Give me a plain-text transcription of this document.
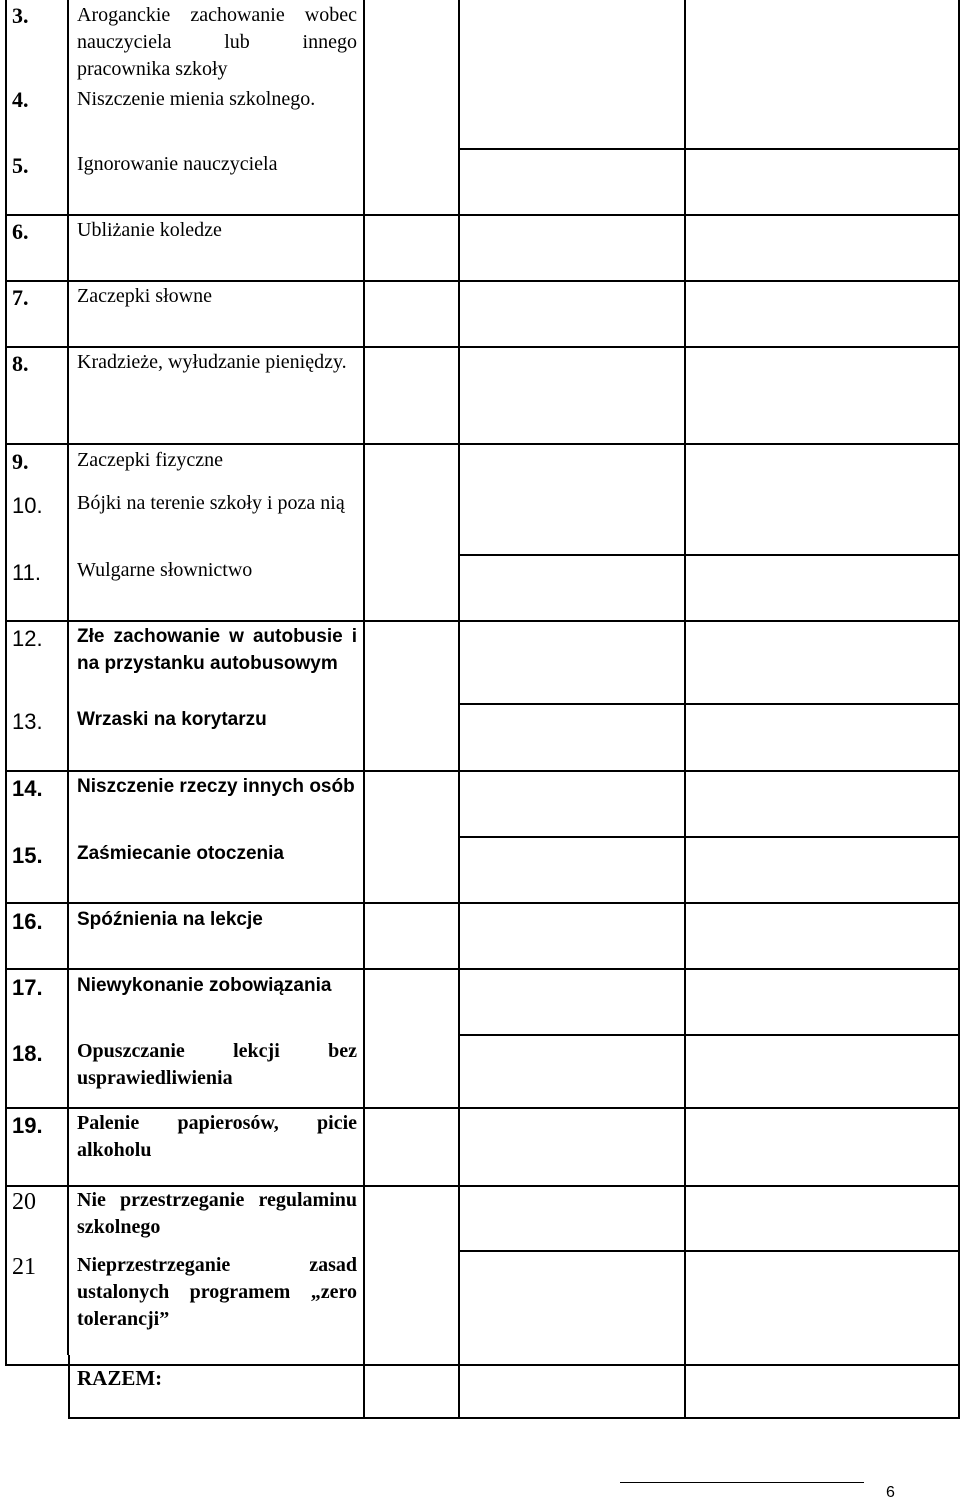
3. Aroganckie zachowanie wobec nauczyciela lub innego pracownika szkoły
4. Niszczenie mienia szkolnego.
5. Ignorowanie nauczyciela
6. Ubliżanie koledze
7. Zaczepki słowne
8. Kradzieże, wyłudzanie pieniędzy.
9. Zaczepki fizyczne
10. Bójki na terenie szkoły i poza nią
11. Wulgarne słownictwo
12. Złe zachowanie w autobusie i na przystanku autobusowym
13. Wrzaski na korytarzu
14. Niszczenie rzeczy innych osób
15. Zaśmiecanie otoczenia
16. Spóźnienia na lekcje
17. Niewykonanie zobowiązania
18. Opuszczanie lekcji bez usprawiedliwienia
19. Palenie papierosów, picie alkoholu
20 Nie przestrzeganie regulaminu szkolnego
21 Nieprzestrzeganie zasad ustalonych programem „zero tolerancji”
RAZEM:
6
